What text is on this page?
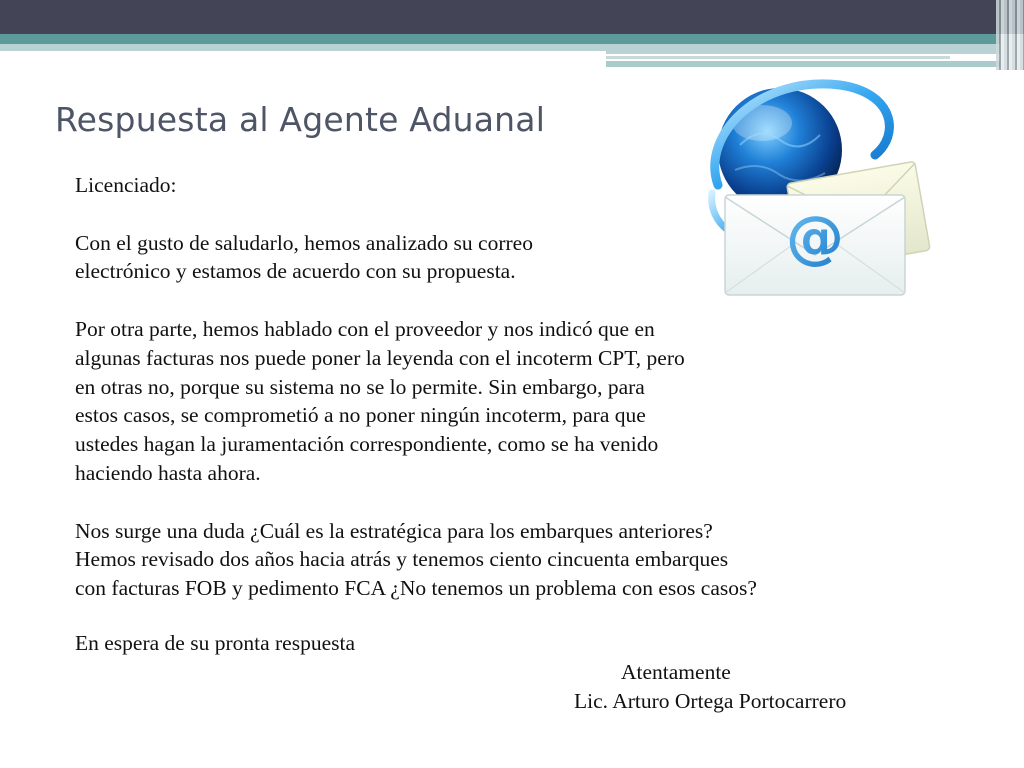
Respuesta al Agente Aduanal
@

Licenciado:

Con el gusto de saludarlo, hemos analizado su correo
electrónico y estamos de acuerdo con su propuesta.

Por otra parte, hemos hablado con el proveedor y nos indicó que en
algunas facturas nos puede poner la leyenda con el incoterm CPT, pero
en otras no, porque su sistema no se lo permite. Sin embargo, para
estos casos, se comprometió a no poner ningún incoterm, para que
ustedes hagan la juramentación correspondiente, como se ha venido
haciendo hasta ahora.

Nos surge una duda ¿Cuál es la estratégica para los embarques anteriores?
Hemos revisado dos años hacia atrás y tenemos ciento cincuenta embarques
con facturas FOB y pedimento FCA ¿No tenemos un problema con esos casos?

En espera de su pronta respuesta
Atentamente
Lic. Arturo Ortega Portocarrero
